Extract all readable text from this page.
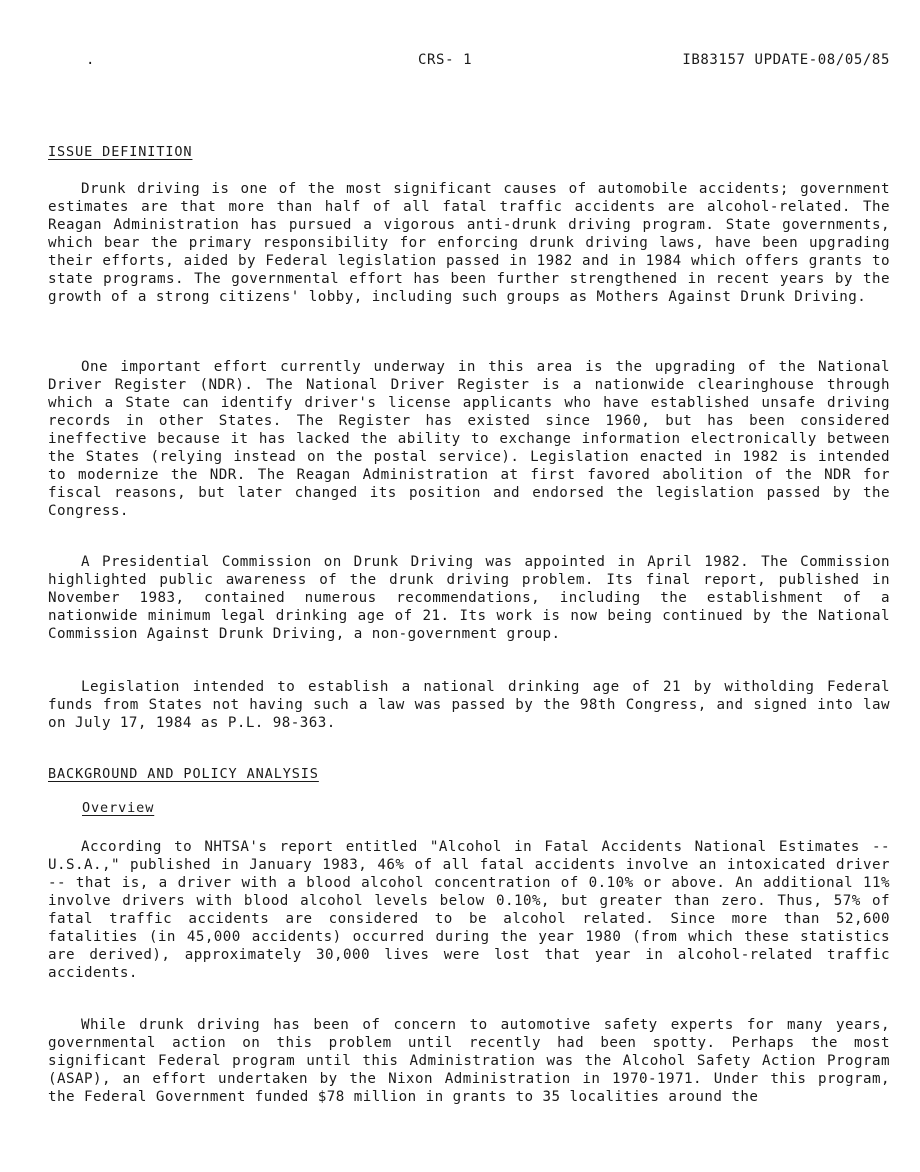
.	CRS- 1	IB83157 UPDATE-08/05/85
ISSUE DEFINITION

Drunk driving is one of the most significant causes of automobile accidents; government estimates are that more than half of all fatal traffic accidents are alcohol-related. The Reagan Administration has pursued a vigorous anti-drunk driving program. State governments, which bear the primary responsibility for enforcing drunk driving laws, have been upgrading their efforts, aided by Federal legislation passed in 1982 and in 1984 which offers grants to state programs. The governmental effort has been further strengthened in recent years by the growth of a strong citizens' lobby, including such groups as Mothers Against Drunk Driving.

One important effort currently underway in this area is the upgrading of the National Driver Register (NDR). The National Driver Register is a nationwide clearinghouse through which a State can identify driver's license applicants who have established unsafe driving records in other States. The Register has existed since 1960, but has been considered ineffective because it has lacked the ability to exchange information electronically between the States (relying instead on the postal service). Legislation enacted in 1982 is intended to modernize the NDR. The Reagan Administration at first favored abolition of the NDR for fiscal reasons, but later changed its position and endorsed the legislation passed by the Congress.

A Presidential Commission on Drunk Driving was appointed in April 1982. The Commission highlighted public awareness of the drunk driving problem. Its final report, published in November 1983, contained numerous recommendations, including the establishment of a nationwide minimum legal drinking age of 21. Its work is now being continued by the National Commission Against Drunk Driving, a non-government group.

Legislation intended to establish a national drinking age of 21 by witholding Federal funds from States not having such a law was passed by the 98th Congress, and signed into law on July 17, 1984 as P.L. 98-363.

BACKGROUND AND POLICY ANALYSIS
Overview

According to NHTSA's report entitled "Alcohol in Fatal Accidents National Estimates -- U.S.A.," published in January 1983, 46% of all fatal accidents involve an intoxicated driver -- that is, a driver with a blood alcohol concentration of 0.10% or above. An additional 11% involve drivers with blood alcohol levels below 0.10%, but greater than zero. Thus, 57% of fatal traffic accidents are considered to be alcohol related. Since more than 52,600 fatalities (in 45,000 accidents) occurred during the year 1980 (from which these statistics are derived), approximately 30,000 lives were lost that year in alcohol-related traffic accidents.

While drunk driving has been of concern to automotive safety experts for many years, governmental action on this problem until recently had been spotty. Perhaps the most significant Federal program until this Administration was the Alcohol Safety Action Program (ASAP), an effort undertaken by the Nixon Administration in 1970-1971. Under this program, the Federal Government funded $78 million in grants to 35 localities around the
